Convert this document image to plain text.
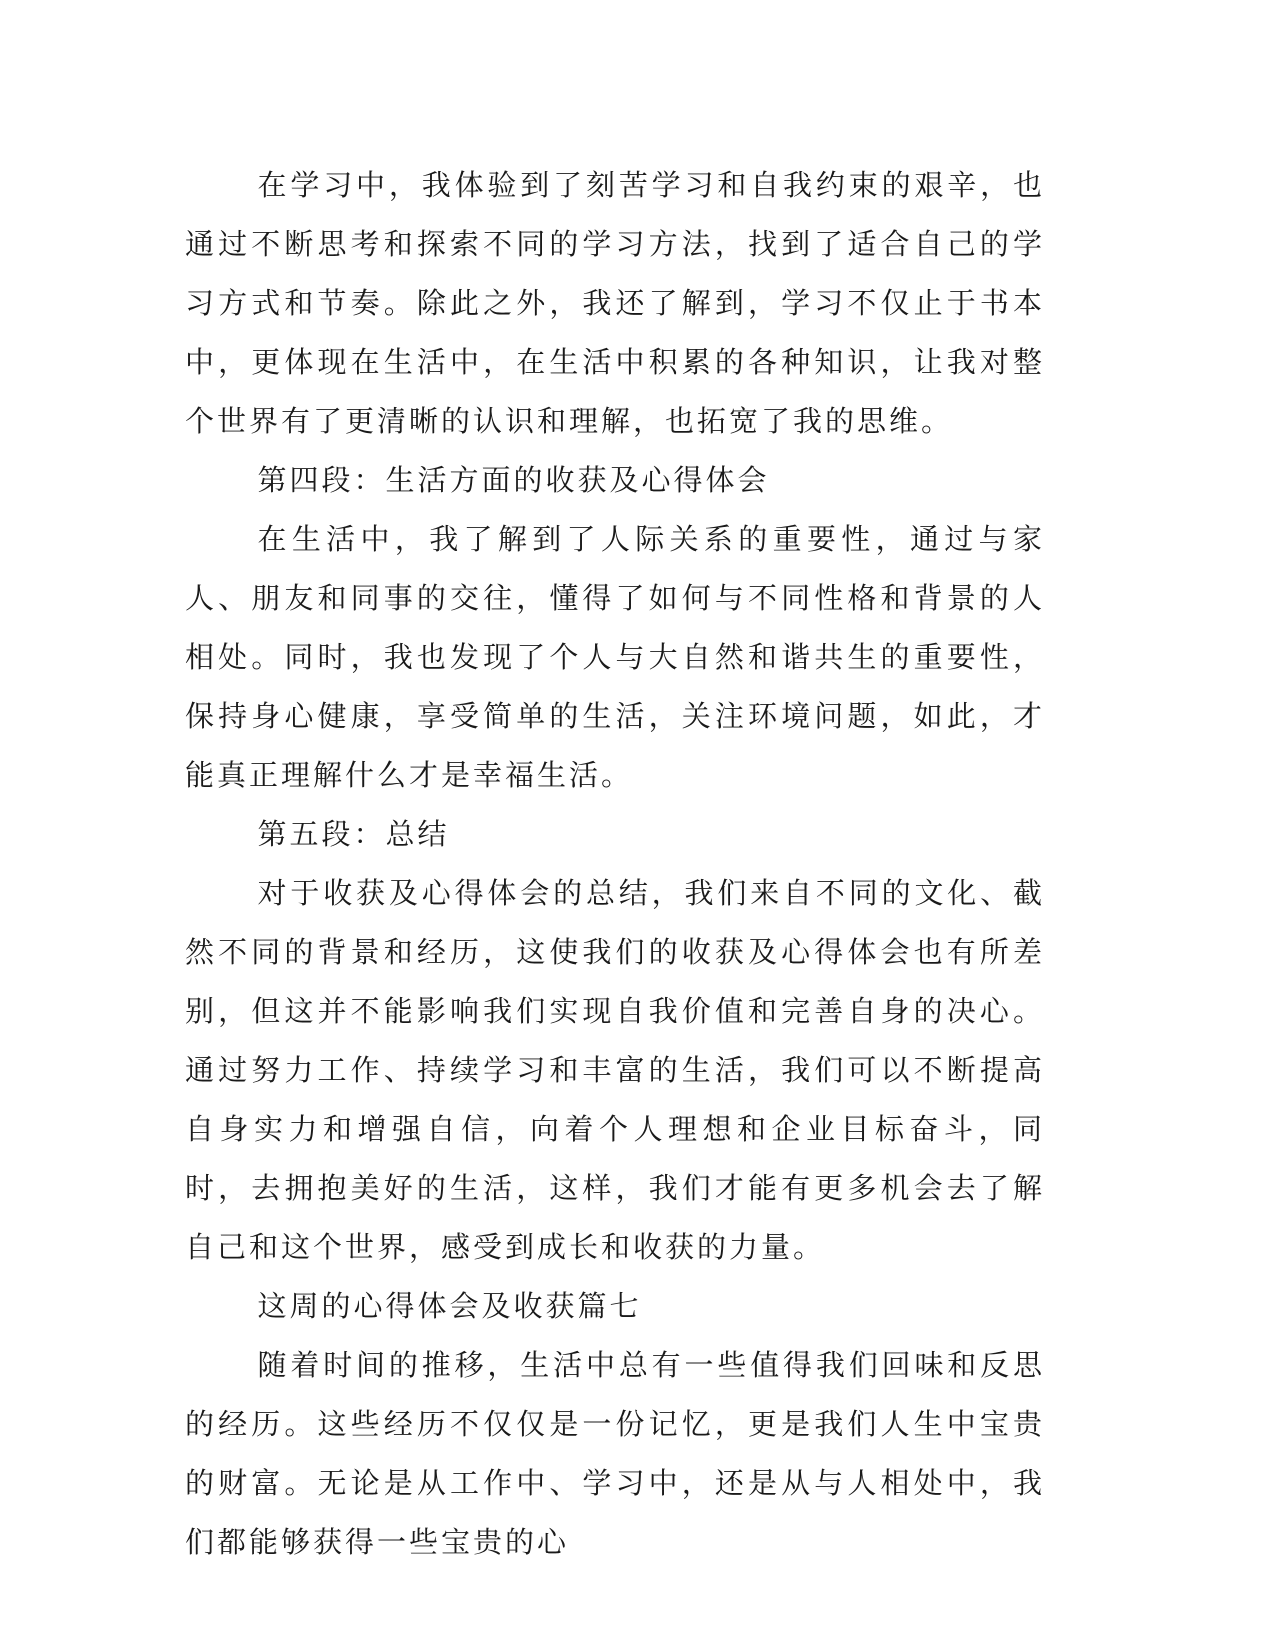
在学习中，我体验到了刻苦学习和自我约束的艰辛，也通过不断思考和探索不同的学习方法，找到了适合自己的学习方式和节奏。除此之外，我还了解到，学习不仅止于书本中，更体现在生活中，在生活中积累的各种知识，让我对整个世界有了更清晰的认识和理解，也拓宽了我的思维。

第四段：生活方面的收获及心得体会

在生活中，我了解到了人际关系的重要性，通过与家人、朋友和同事的交往，懂得了如何与不同性格和背景的人相处。同时，我也发现了个人与大自然和谐共生的重要性，保持身心健康，享受简单的生活，关注环境问题，如此，才能真正理解什么才是幸福生活。

第五段：总结

对于收获及心得体会的总结，我们来自不同的文化、截然不同的背景和经历，这使我们的收获及心得体会也有所差别，但这并不能影响我们实现自我价值和完善自身的决心。通过努力工作、持续学习和丰富的生活，我们可以不断提高自身实力和增强自信，向着个人理想和企业目标奋斗，同时，去拥抱美好的生活，这样，我们才能有更多机会去了解自己和这个世界，感受到成长和收获的力量。

这周的心得体会及收获篇七

随着时间的推移，生活中总有一些值得我们回味和反思的经历。这些经历不仅仅是一份记忆，更是我们人生中宝贵的财富。无论是从工作中、学习中，还是从与人相处中，我们都能够获得一些宝贵的心
